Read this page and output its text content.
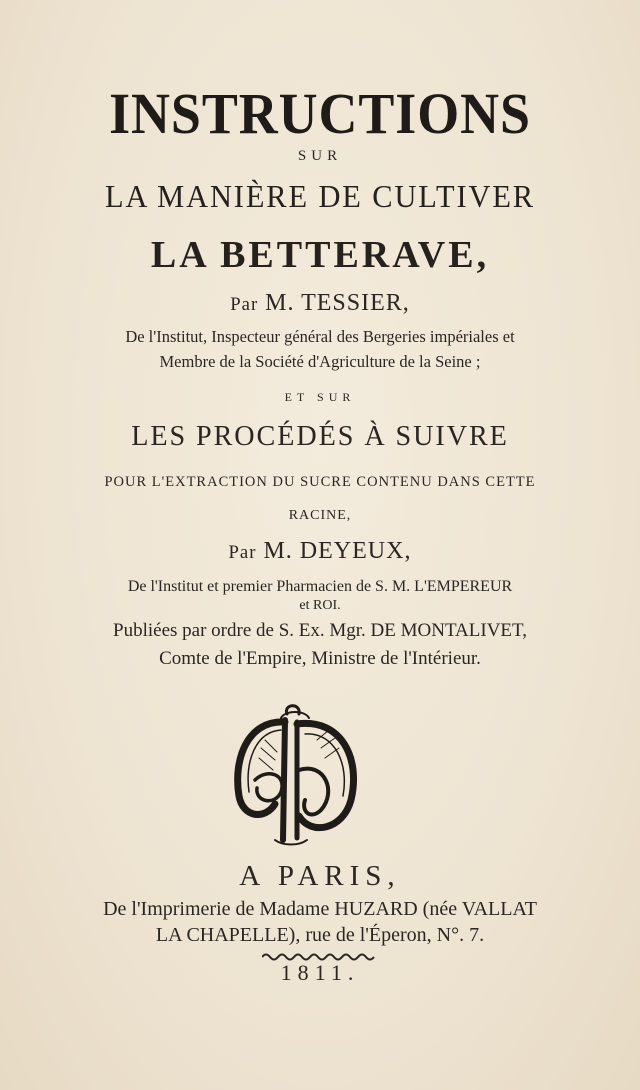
INSTRUCTIONS
SUR
LA MANIÈRE DE CULTIVER
LA BETTERAVE,
Par M. TESSIER,
De l'Institut, Inspecteur général des Bergeries impériales et
Membre de la Société d'Agriculture de la Seine ;
ET SUR
LES PROCÉDÉS À SUIVRE
POUR L'EXTRACTION DU SUCRE CONTENU DANS CETTE
RACINE,
Par M. DEYEUX,
De l'Institut et premier Pharmacien de S. M. L'EMPEREUR
et ROI.
Publiées par ordre de S. Ex. Mgr. DE MONTALIVET,
Comte de l'Empire, Ministre de l'Intérieur.
A PARIS,
De l'Imprimerie de Madame HUZARD (née VALLAT
LA CHAPELLE), rue de l'Éperon, N°. 7.
1811.
